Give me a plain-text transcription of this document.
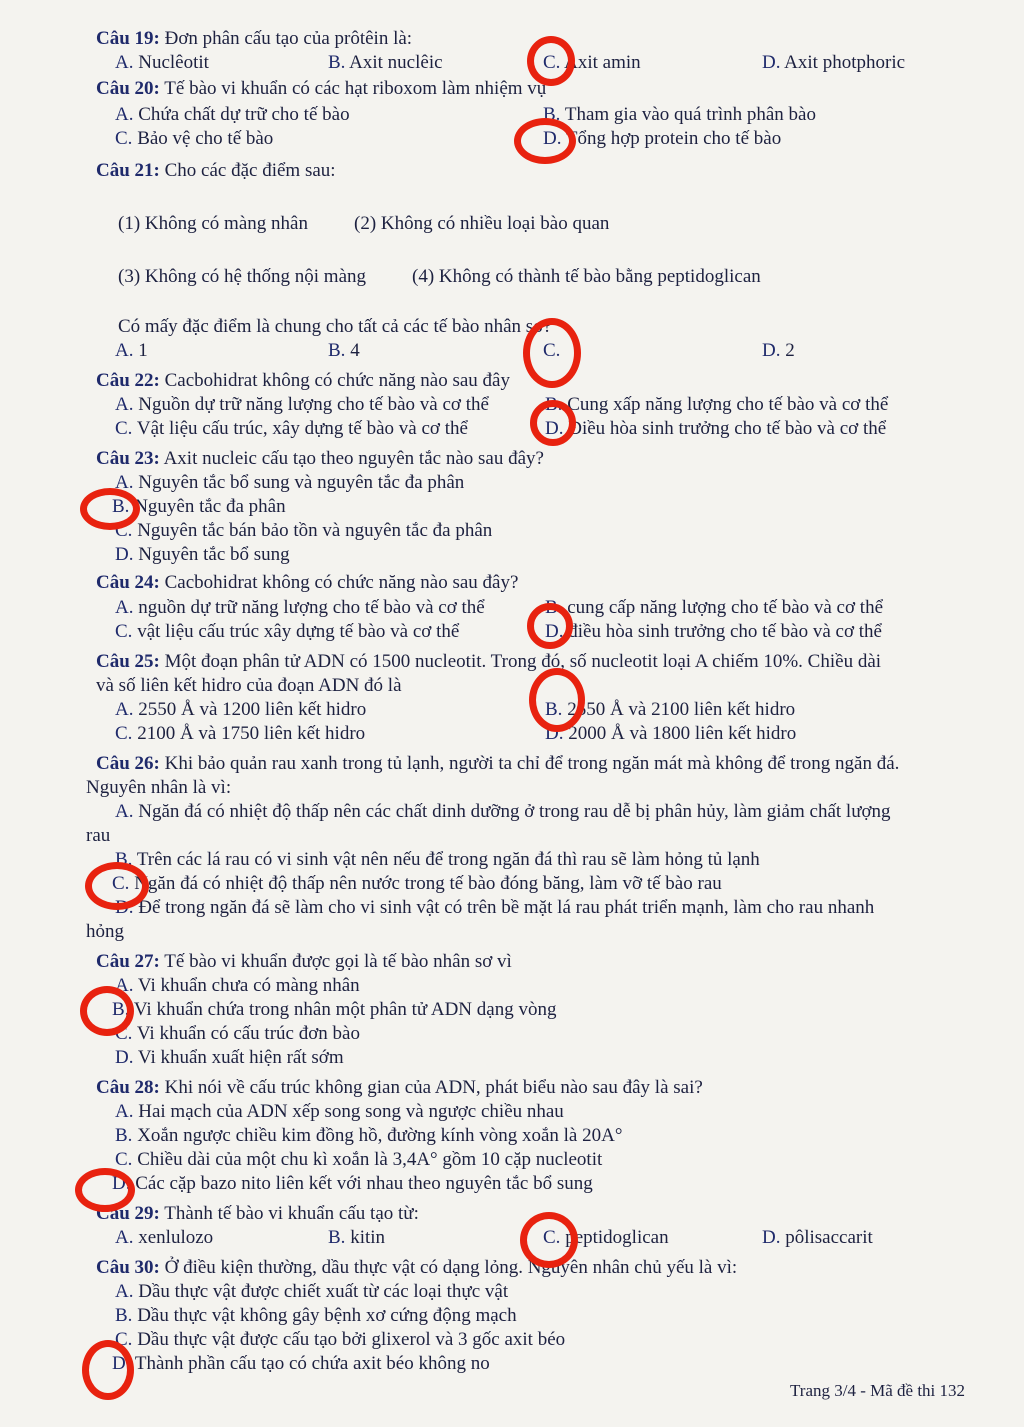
Câu 19: Đơn phân cấu tạo của prôtêin là:
A. Nuclêotit	B. Axit nuclêic	C. Axit amin	D. Axit photphoric
Câu 20: Tế bào vi khuẩn có các hạt riboxom làm nhiệm vụ
A. Chứa chất dự trữ cho tế bào	B. Tham gia vào quá trình phân bào
C. Bảo vệ cho tế bào	D. Tổng hợp protein cho tế bào
Câu 21: Cho các đặc điểm sau:
(1) Không có màng nhân (2) Không có nhiều loại bào quan
(3) Không có hệ thống nội màng (4) Không có thành tế bào bằng peptidoglican
Có mấy đặc điểm là chung cho tất cả các tế bào nhân sơ?
A. 1	B. 4	C.	D. 2
Câu 22: Cacbohidrat không có chức năng nào sau đây
A. Nguồn dự trữ năng lượng cho tế bào và cơ thể	B. Cung xấp năng lượng cho tế bào và cơ thể
C. Vật liệu cấu trúc, xây dựng tế bào và cơ thể	D. Điều hòa sinh trưởng cho tế bào và cơ thể
Câu 23: Axit nucleic cấu tạo theo nguyên tắc nào sau đây?
A. Nguyên tắc bổ sung và nguyên tắc đa phân
B. Nguyên tắc đa phân
C. Nguyên tắc bán bảo tồn và nguyên tắc đa phân
D. Nguyên tắc bổ sung
Câu 24: Cacbohidrat không có chức năng nào sau đây?
A. nguồn dự trữ năng lượng cho tế bào và cơ thể	B. cung cấp năng lượng cho tế bào và cơ thể
C. vật liệu cấu trúc xây dựng tế bào và cơ thể	D. điều hòa sinh trưởng cho tế bào và cơ thể
Câu 25: Một đoạn phân tử ADN có 1500 nucleotit. Trong đó, số nucleotit loại A chiếm 10%. Chiều dài
và số liên kết hidro của đoạn ADN đó là
A. 2550 Å và 1200 liên kết hidro	B. 2550 Å và 2100 liên kết hidro
C. 2100 Å và 1750 liên kết hidro	D. 2000 Å và 1800 liên kết hidro
Câu 26: Khi bảo quản rau xanh trong tủ lạnh, người ta chỉ để trong ngăn mát mà không để trong ngăn đá.
Nguyên nhân là vì:
A. Ngăn đá có nhiệt độ thấp nên các chất dinh dưỡng ở trong rau dễ bị phân hủy, làm giảm chất lượng
rau
B. Trên các lá rau có vi sinh vật nên nếu để trong ngăn đá thì rau sẽ làm hỏng tủ lạnh
C. Ngăn đá có nhiệt độ thấp nên nước trong tế bào đóng băng, làm vỡ tế bào rau
D. Để trong ngăn đá sẽ làm cho vi sinh vật có trên bề mặt lá rau phát triển mạnh, làm cho rau nhanh
hỏng
Câu 27: Tế bào vi khuẩn được gọi là tế bào nhân sơ vì
A. Vi khuẩn chưa có màng nhân
B. Vi khuẩn chứa trong nhân một phân tử ADN dạng vòng
C. Vi khuẩn có cấu trúc đơn bào
D. Vi khuẩn xuất hiện rất sớm
Câu 28: Khi nói về cấu trúc không gian của ADN, phát biểu nào sau đây là sai?
A. Hai mạch của ADN xếp song song và ngược chiều nhau
B. Xoắn ngược chiều kim đồng hồ, đường kính vòng xoắn là 20A°
C. Chiều dài của một chu kì xoắn là 3,4A° gồm 10 cặp nucleotit
D. Các cặp bazo nito liên kết với nhau theo nguyên tắc bổ sung
Câu 29: Thành tế bào vi khuẩn cấu tạo từ:
A. xenlulozo	B. kitin	C. peptidoglican	D. pôlisaccarit
Câu 30: Ở điều kiện thường, dầu thực vật có dạng lỏng. Nguyên nhân chủ yếu là vì:
A. Dầu thực vật được chiết xuất từ các loại thực vật
B. Dầu thực vật không gây bệnh xơ cứng động mạch
C. Dầu thực vật được cấu tạo bởi glixerol và 3 gốc axit béo
D. Thành phần cấu tạo có chứa axit béo không no
Trang 3/4 - Mã đề thi 132
